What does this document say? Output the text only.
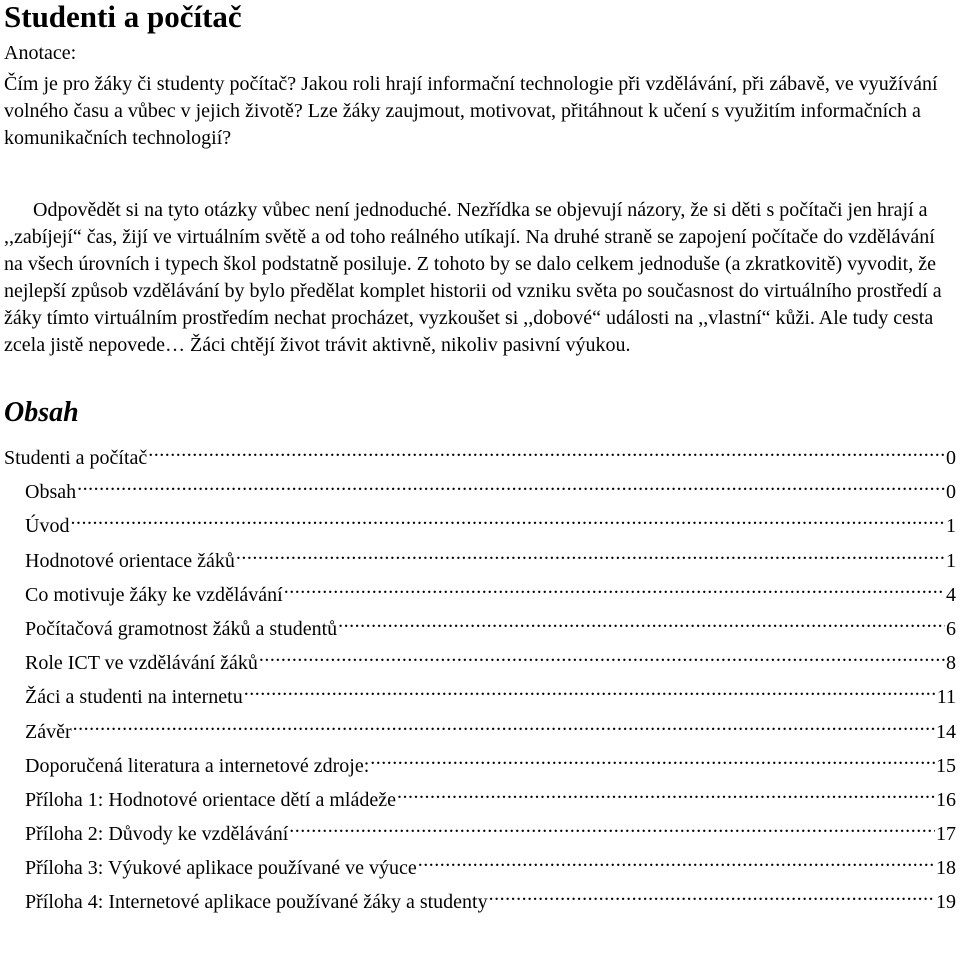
Studenti a počítač
Anotace:

Čím je pro žáky či studenty počítač? Jakou roli hrají informační technologie při vzdělávání, při zábavě, ve využívání volného času a vůbec v jejich životě? Lze žáky zaujmout, motivovat, přitáhnout k učení s využitím informačních a komunikačních technologií?

Odpovědět si na tyto otázky vůbec není jednoduché. Nezřídka se objevují názory, že si děti s počítači jen hrají a ,,zabíjejí“ čas, žijí ve virtuálním světě a od toho reálného utíkají. Na druhé straně se zapojení počítače do vzdělávání na všech úrovních i typech škol podstatně posiluje. Z tohoto by se dalo celkem jednoduše (a zkratkovitě) vyvodit, že nejlepší způsob vzdělávání by bylo předělat komplet historii od vzniku světa po současnost do virtuálního prostředí a žáky tímto virtuálním prostředím nechat procházet, vyzkoušet si ,,dobové“ události na ,,vlastní“ kůži. Ale tudy cesta zcela jistě nepovede… Žáci chtějí život trávit aktivně, nikoliv pasivní výukou.

Obsah
Studenti a počítač .....	0
Obsah .....	0
Úvod .....	1
Hodnotové orientace žáků .....	1
Co motivuje žáky ke vzdělávání .....	4
Počítačová gramotnost žáků a studentů .....	6
Role ICT ve vzdělávání žáků .....	8
Žáci a studenti na internetu .....	11
Závěr .....	14
Doporučená literatura a internetové zdroje: .....	15
Příloha 1: Hodnotové orientace dětí a mládeže .....	16
Příloha 2: Důvody ke vzdělávání .....	17
Příloha 3: Výukové aplikace používané ve výuce .....	18
Příloha 4: Internetové aplikace používané žáky a studenty .....	19
